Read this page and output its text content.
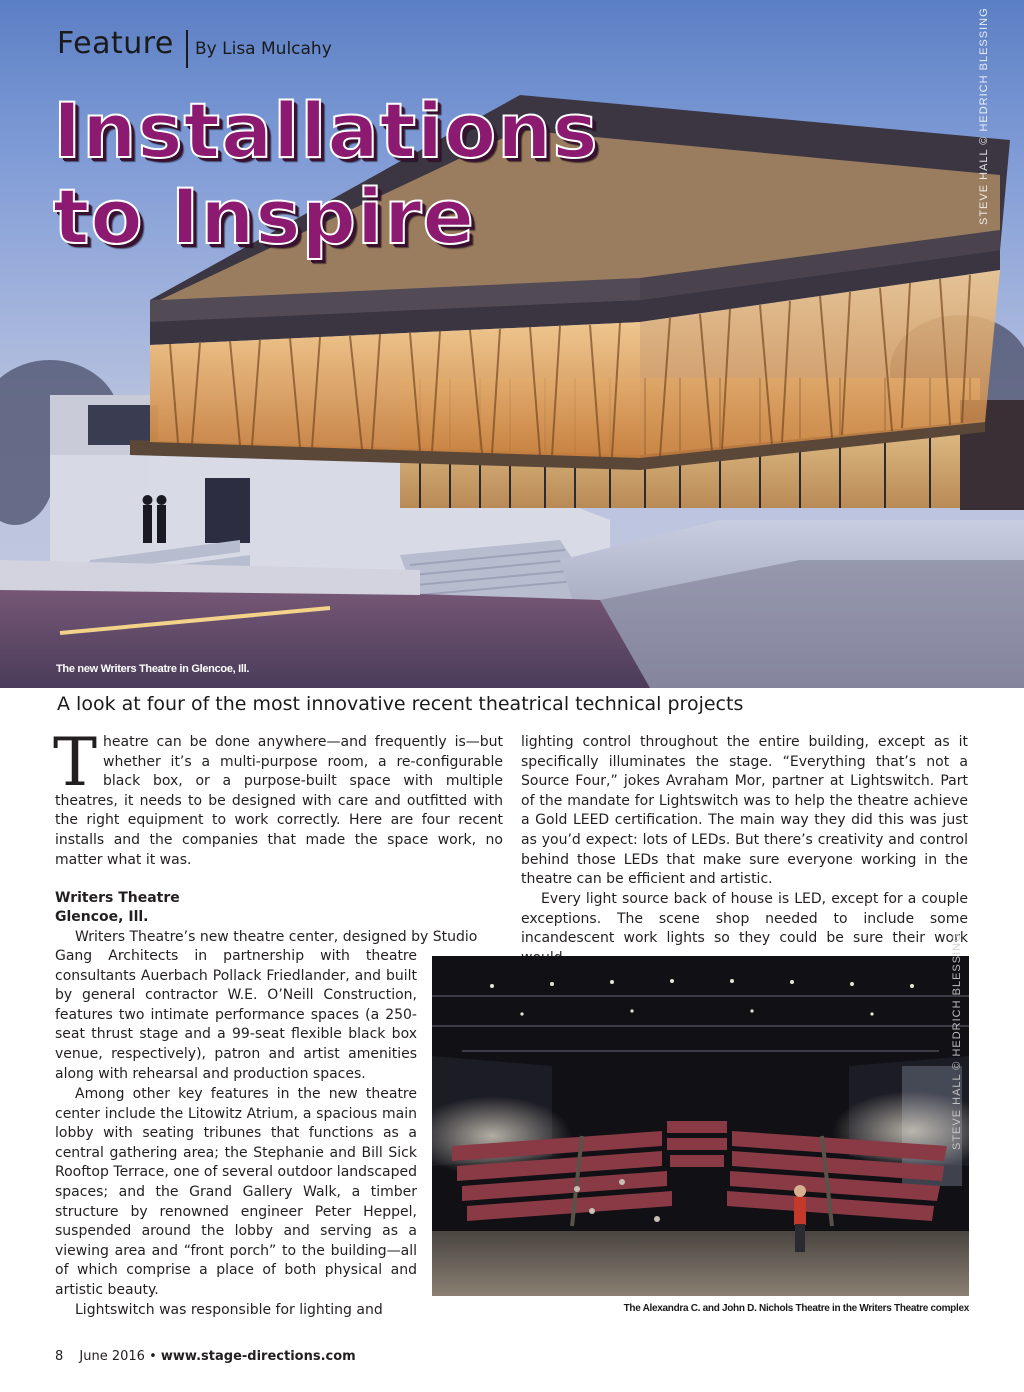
Feature By Lisa Mulcahy
Installations
to Inspire	STEVE HALL © HEDRICH BLESSING
The new Writers Theatre in Glencoe, Ill.
A look at four of the most innovative recent theatrical technical projects
Theatre can be done anywhere—and frequently is—but whether it’s a multi-purpose room, a re-configurable black box, or a purpose-built space with multiple theatres, it needs to be designed with care and outfitted with the right equipment to work correctly. Here are four recent installs and the companies that made the space work, no matter what it was.
Writers Theatre
Glencoe, Ill.
Writers Theatre’s new theatre center, designed by Studio
Gang Architects in partnership with theatre consultants Auerbach Pollack Friedlander, and built by general contractor W.E. O’Neill Construction, features two intimate performance spaces (a 250-seat thrust stage and a 99-seat flexible black box venue, respectively), patron and artist amenities along with rehearsal and production spaces.
Among other key features in the new theatre center include the Litowitz Atrium, a spacious main lobby with seating tribunes that functions as a central gathering area; the Stephanie and Bill Sick Rooftop Terrace, one of several outdoor landscaped spaces; and the Grand Gallery Walk, a timber structure by renowned engineer Peter Heppel, suspended around the lobby and serving as a viewing area and “front porch” to the building—all of which comprise a place of both physical and artistic beauty.
Lightswitch was responsible for lighting and
lighting control throughout the entire building, except as it specifically illuminates the stage. “Everything that’s not a Source Four,” jokes Avraham Mor, partner at Lightswitch. Part of the mandate for Lightswitch was to help the theatre achieve a Gold LEED certification. The main way they did this was just as you’d expect: lots of LEDs. But there’s creativity and control behind those LEDs that make sure everyone working in the theatre can be efficient and artistic.
Every light source back of house is LED, except for a couple exceptions. The scene shop needed to include some incandescent work lights so they could be sure their work
STEVE HALL © HEDRICH BLESSING
The Alexandra C. and John D. Nichols Theatre in the Writers Theatre complex
8 June 2016 • www.stage-directions.com
